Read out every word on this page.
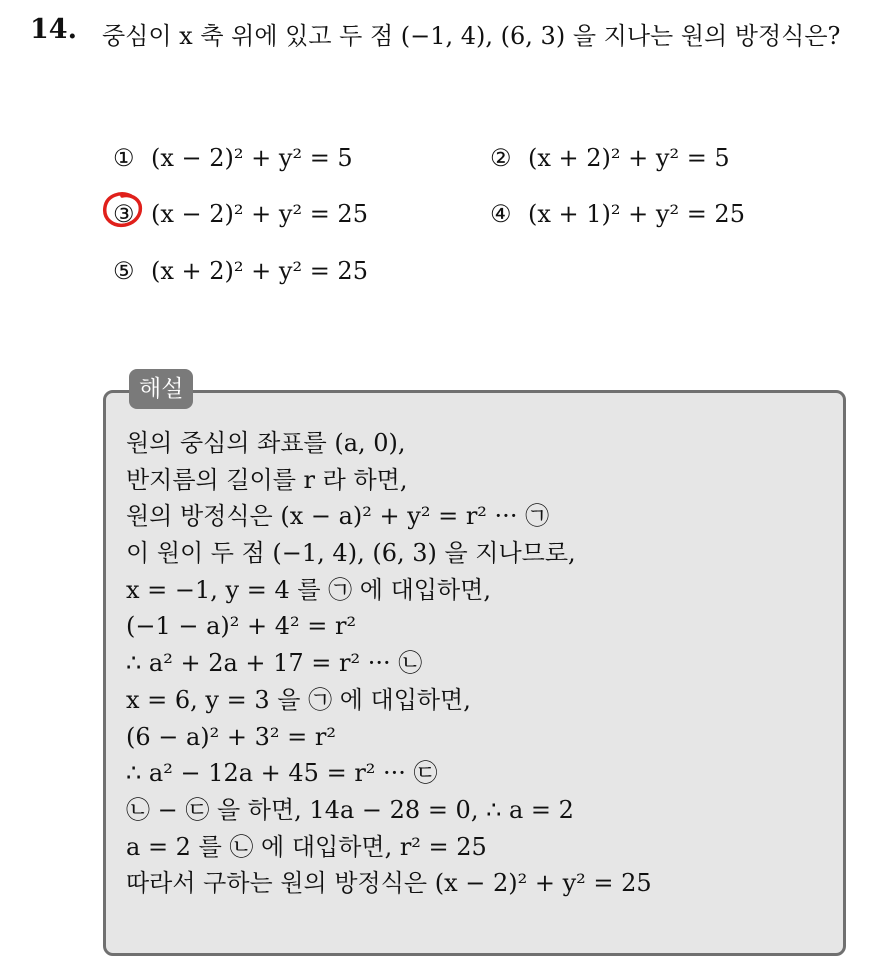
14. 중심이 x 축 위에 있고 두 점 (−1, 4), (6, 3) 을 지나는 원의 방정식은?
① (x − 2)² + y² = 5	② (x + 2)² + y² = 5
③ (x − 2)² + y² = 25	④ (x + 1)² + y² = 25
⑤ (x + 2)² + y² = 25
해설
원의 중심의 좌표를 (a, 0),
반지름의 길이를 r 라 하면,
원의 방정식은 (x − a)² + y² = r² ··· ㉠
이 원이 두 점 (−1, 4), (6, 3) 을 지나므로,
x = −1, y = 4 를 ㉠ 에 대입하면,
(−1 − a)² + 4² = r²
∴ a² + 2a + 17 = r² ··· ㉡
x = 6, y = 3 을 ㉠ 에 대입하면,
(6 − a)² + 3² = r²
∴ a² − 12a + 45 = r² ··· ㉢
㉡ − ㉢ 을 하면, 14a − 28 = 0, ∴ a = 2
a = 2 를 ㉡ 에 대입하면, r² = 25
따라서 구하는 원의 방정식은 (x − 2)² + y² = 25
